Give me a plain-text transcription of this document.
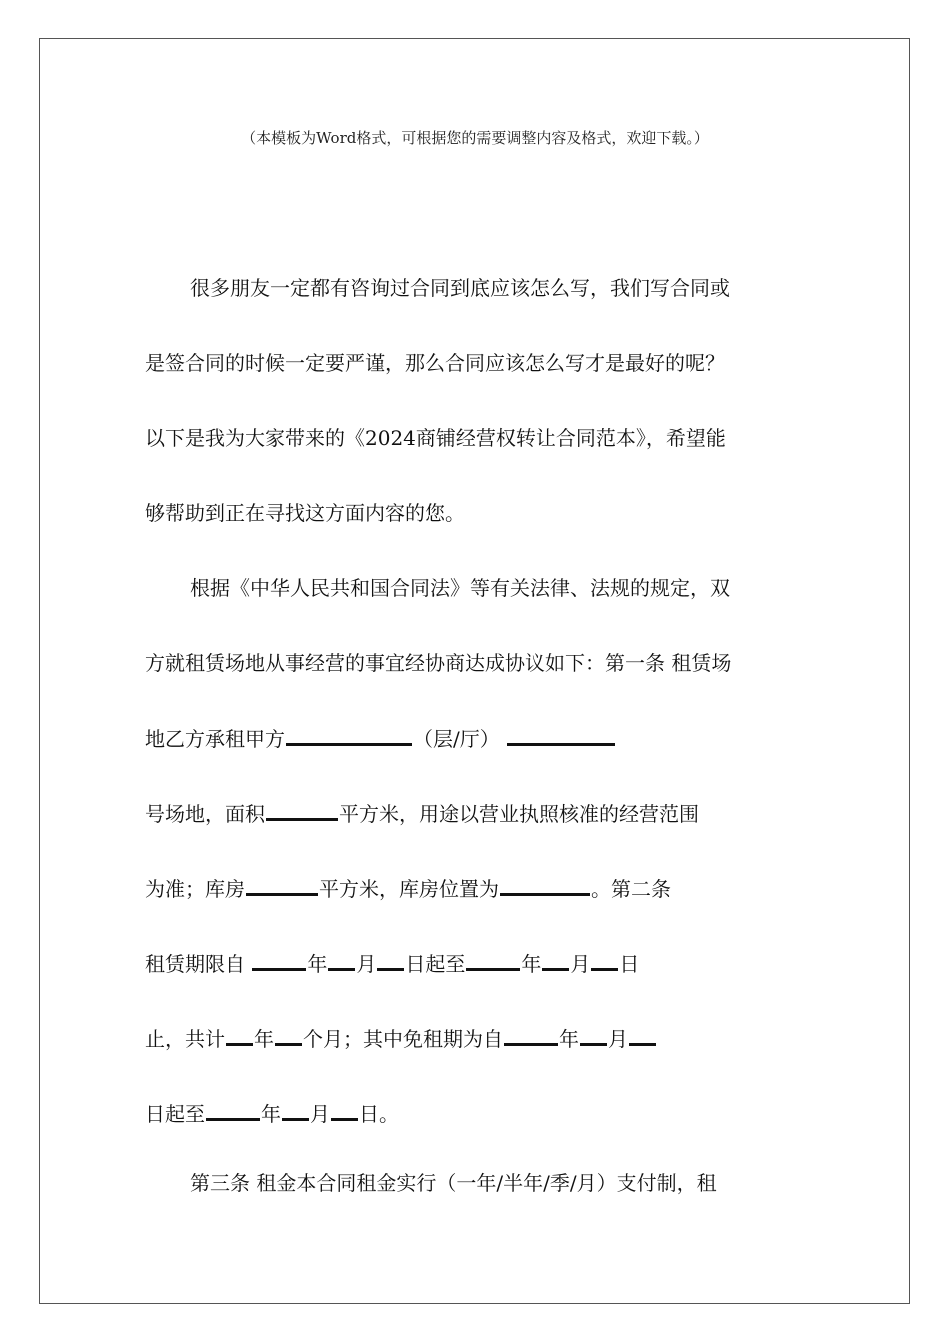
（本模板为Word格式，可根据您的需要调整内容及格式，欢迎下载。）
很多朋友一定都有咨询过合同到底应该怎么写，我们写合同或
是签合同的时候一定要严谨，那么合同应该怎么写才是最好的呢？
以下是我为大家带来的《2024商铺经营权转让合同范本》，希望能
够帮助到正在寻找这方面内容的您。
根据《中华人民共和国合同法》等有关法律、法规的规定，双
方就租赁场地从事经营的事宜经协商达成协议如下：第一条 租赁场
地乙方承租甲方	（层/厅）
号场地，面积	平方米，用途以营业执照核准的经营范围
为准；库房	平方米，库房位置为	。第二条
租赁期限自	年 月 日起至	年 月 日
止，共计 年 个月；其中免租期为自	年 月
日起至	年 月 日。
第三条 租金本合同租金实行（一年/半年/季/月）支付制，租
